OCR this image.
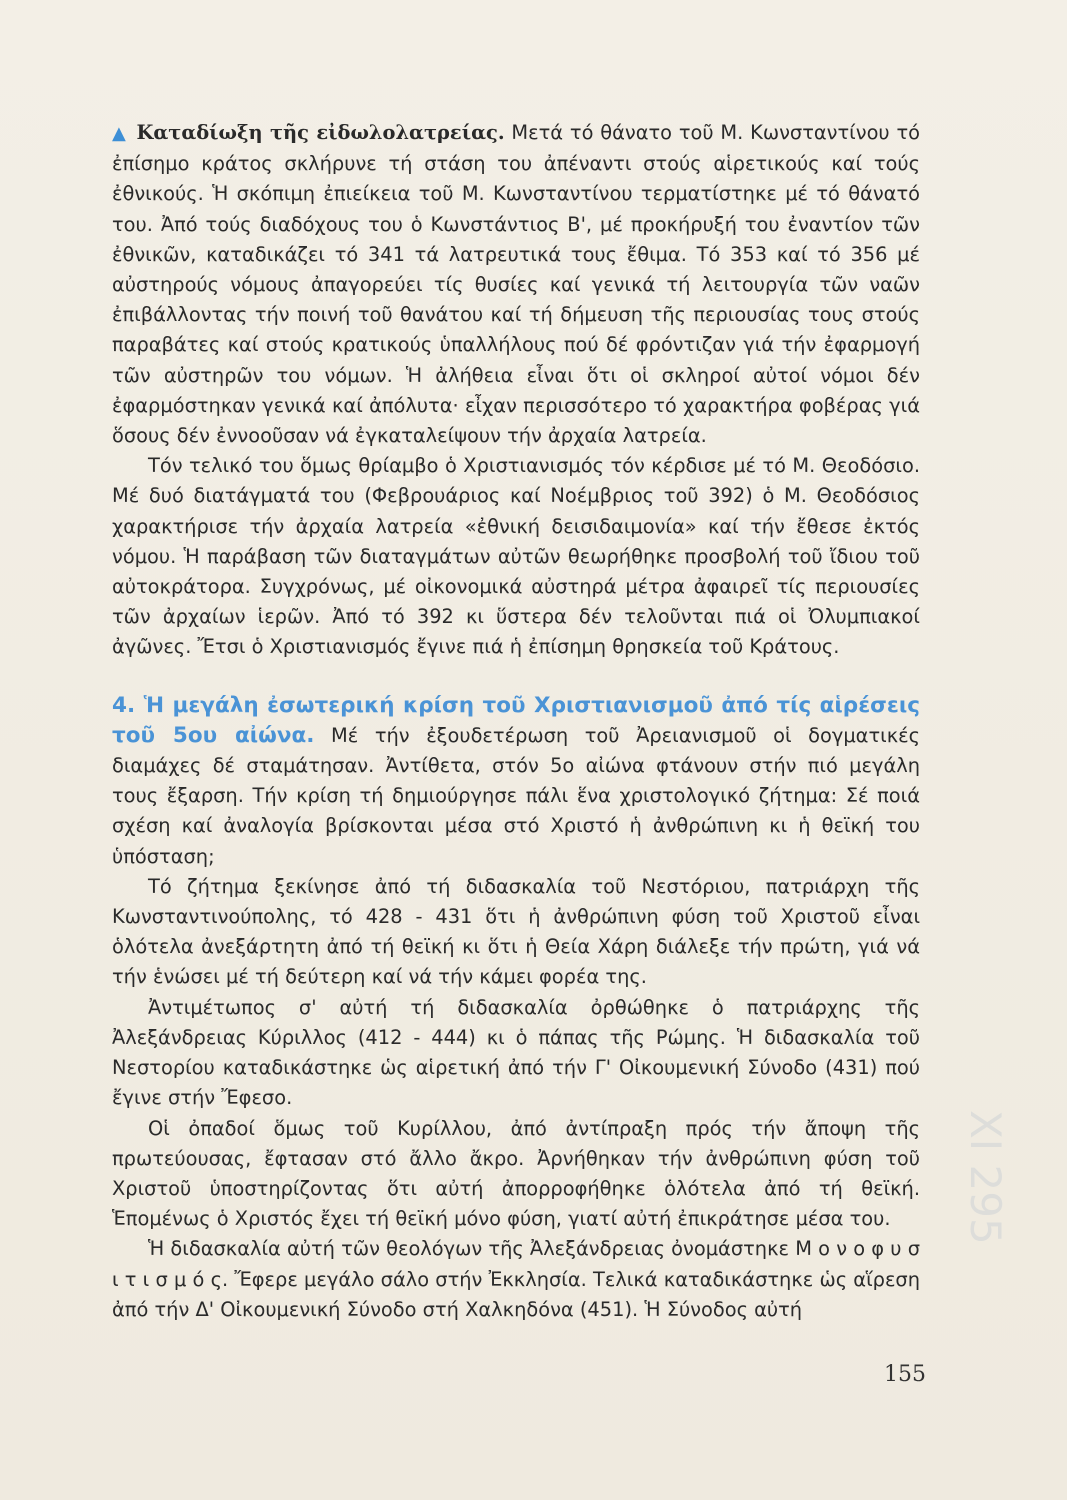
▲ Καταδίωξη τῆς εἰδωλολατρείας. Μετά τό θάνατο τοῦ Μ. Κωνσταντίνου τό ἐπίσημο κράτος σκλήρυνε τή στάση του ἀπέναντι στούς αἱρετικούς καί τούς ἐθνικούς. Ἡ σκόπιμη ἐπιείκεια τοῦ Μ. Κωνσταντίνου τερματίστηκε μέ τό θάνατό του. Ἀπό τούς διαδόχους του ὁ Κωνστάντιος Β', μέ προκήρυξή του ἐναντίον τῶν ἐθνικῶν, καταδικάζει τό 341 τά λατρευτικά τους ἔθιμα. Τό 353 καί τό 356 μέ αὐστηρούς νόμους ἀπαγορεύει τίς θυσίες καί γενικά τή λειτουργία τῶν ναῶν ἐπιβάλλοντας τήν ποινή τοῦ θανάτου καί τή δήμευση τῆς περιουσίας τους στούς παραβάτες καί στούς κρατικούς ὑπαλλήλους πού δέ φρόντιζαν γιά τήν ἐφαρμογή τῶν αὐστηρῶν του νόμων. Ἡ ἀλήθεια εἶναι ὅτι οἱ σκληροί αὐτοί νόμοι δέν ἐφαρμόστηκαν γενικά καί ἀπόλυτα· εἶχαν περισσότερο τό χαρακτήρα φοβέρας γιά ὅσους δέν ἐννοοῦσαν νά ἐγκαταλείψουν τήν ἀρχαία λατρεία.

Τόν τελικό του ὅμως θρίαμβο ὁ Χριστιανισμός τόν κέρδισε μέ τό Μ. Θεοδόσιο. Μέ δυό διατάγματά του (Φεβρουάριος καί Νοέμβριος τοῦ 392) ὁ Μ. Θεοδόσιος χαρακτήρισε τήν ἀρχαία λατρεία «ἐθνική δεισιδαιμονία» καί τήν ἔθεσε ἐκτός νόμου. Ἡ παράβαση τῶν διαταγμάτων αὐτῶν θεωρήθηκε προσβολή τοῦ ἴδιου τοῦ αὐτοκράτορα. Συγχρόνως, μέ οἰκονομικά αὐστηρά μέτρα ἀφαιρεῖ τίς περιουσίες τῶν ἀρχαίων ἱερῶν. Ἀπό τό 392 κι ὕστερα δέν τελοῦνται πιά οἱ Ὀλυμπιακοί ἀγῶνες. Ἔτσι ὁ Χριστιανισμός ἔγινε πιά ἡ ἐπίσημη θρησκεία τοῦ Κράτους.

4. Ἡ μεγάλη ἐσωτερική κρίση τοῦ Χριστιανισμοῦ ἀπό τίς αἱρέσεις τοῦ 5ου αἰώνα. Μέ τήν ἐξουδετέρωση τοῦ Ἀρειανισμοῦ οἱ δογματικές διαμάχες δέ σταμάτησαν. Ἀντίθετα, στόν 5ο αἰώνα φτάνουν στήν πιό μεγάλη τους ἔξαρση. Τήν κρίση τή δημιούργησε πάλι ἕνα χριστολογικό ζήτημα: Σέ ποιά σχέση καί ἀναλογία βρίσκονται μέσα στό Χριστό ἡ ἀνθρώπινη κι ἡ θεϊκή του ὑπόσταση;

Τό ζήτημα ξεκίνησε ἀπό τή διδασκαλία τοῦ Νεστόριου, πατριάρχη τῆς Κωνσταντινούπολης, τό 428 - 431 ὅτι ἡ ἀνθρώπινη φύση τοῦ Χριστοῦ εἶναι ὁλότελα ἀνεξάρτητη ἀπό τή θεϊκή κι ὅτι ἡ Θεία Χάρη διάλεξε τήν πρώτη, γιά νά τήν ἑνώσει μέ τή δεύτερη καί νά τήν κάμει φορέα της.

Ἀντιμέτωπος σ' αὐτή τή διδασκαλία ὀρθώθηκε ὁ πατριάρχης τῆς Ἀλεξάνδρειας Κύριλλος (412 - 444) κι ὁ πάπας τῆς Ρώμης. Ἡ διδασκαλία τοῦ Νεστορίου καταδικάστηκε ὡς αἱρετική ἀπό τήν Γ' Οἰκουμενική Σύνοδο (431) πού ἔγινε στήν Ἔφεσο.

Οἱ ὀπαδοί ὅμως τοῦ Κυρίλλου, ἀπό ἀντίπραξη πρός τήν ἄποψη τῆς πρωτεύουσας, ἔφτασαν στό ἄλλο ἄκρο. Ἀρνήθηκαν τήν ἀνθρώπινη φύση τοῦ Χριστοῦ ὑποστηρίζοντας ὅτι αὐτή ἀπορροφήθηκε ὁλότελα ἀπό τή θεϊκή. Ἑπομένως ὁ Χριστός ἔχει τή θεϊκή μόνο φύση, γιατί αὐτή ἐπικράτησε μέσα του.

Ἡ διδασκαλία αὐτή τῶν θεολόγων τῆς Ἀλεξάνδρειας ὀνομάστηκε Μ ο ν ο φ υ σ ι τ ι σ μ ό ς. Ἔφερε μεγάλο σάλο στήν Ἐκκλησία. Τελικά καταδικάστηκε ὡς αἵρεση ἀπό τήν Δ' Οἰκουμενική Σύνοδο στή Χαλκηδόνα (451). Ἡ Σύνοδος αὐτή

ΧΙ 295
155
